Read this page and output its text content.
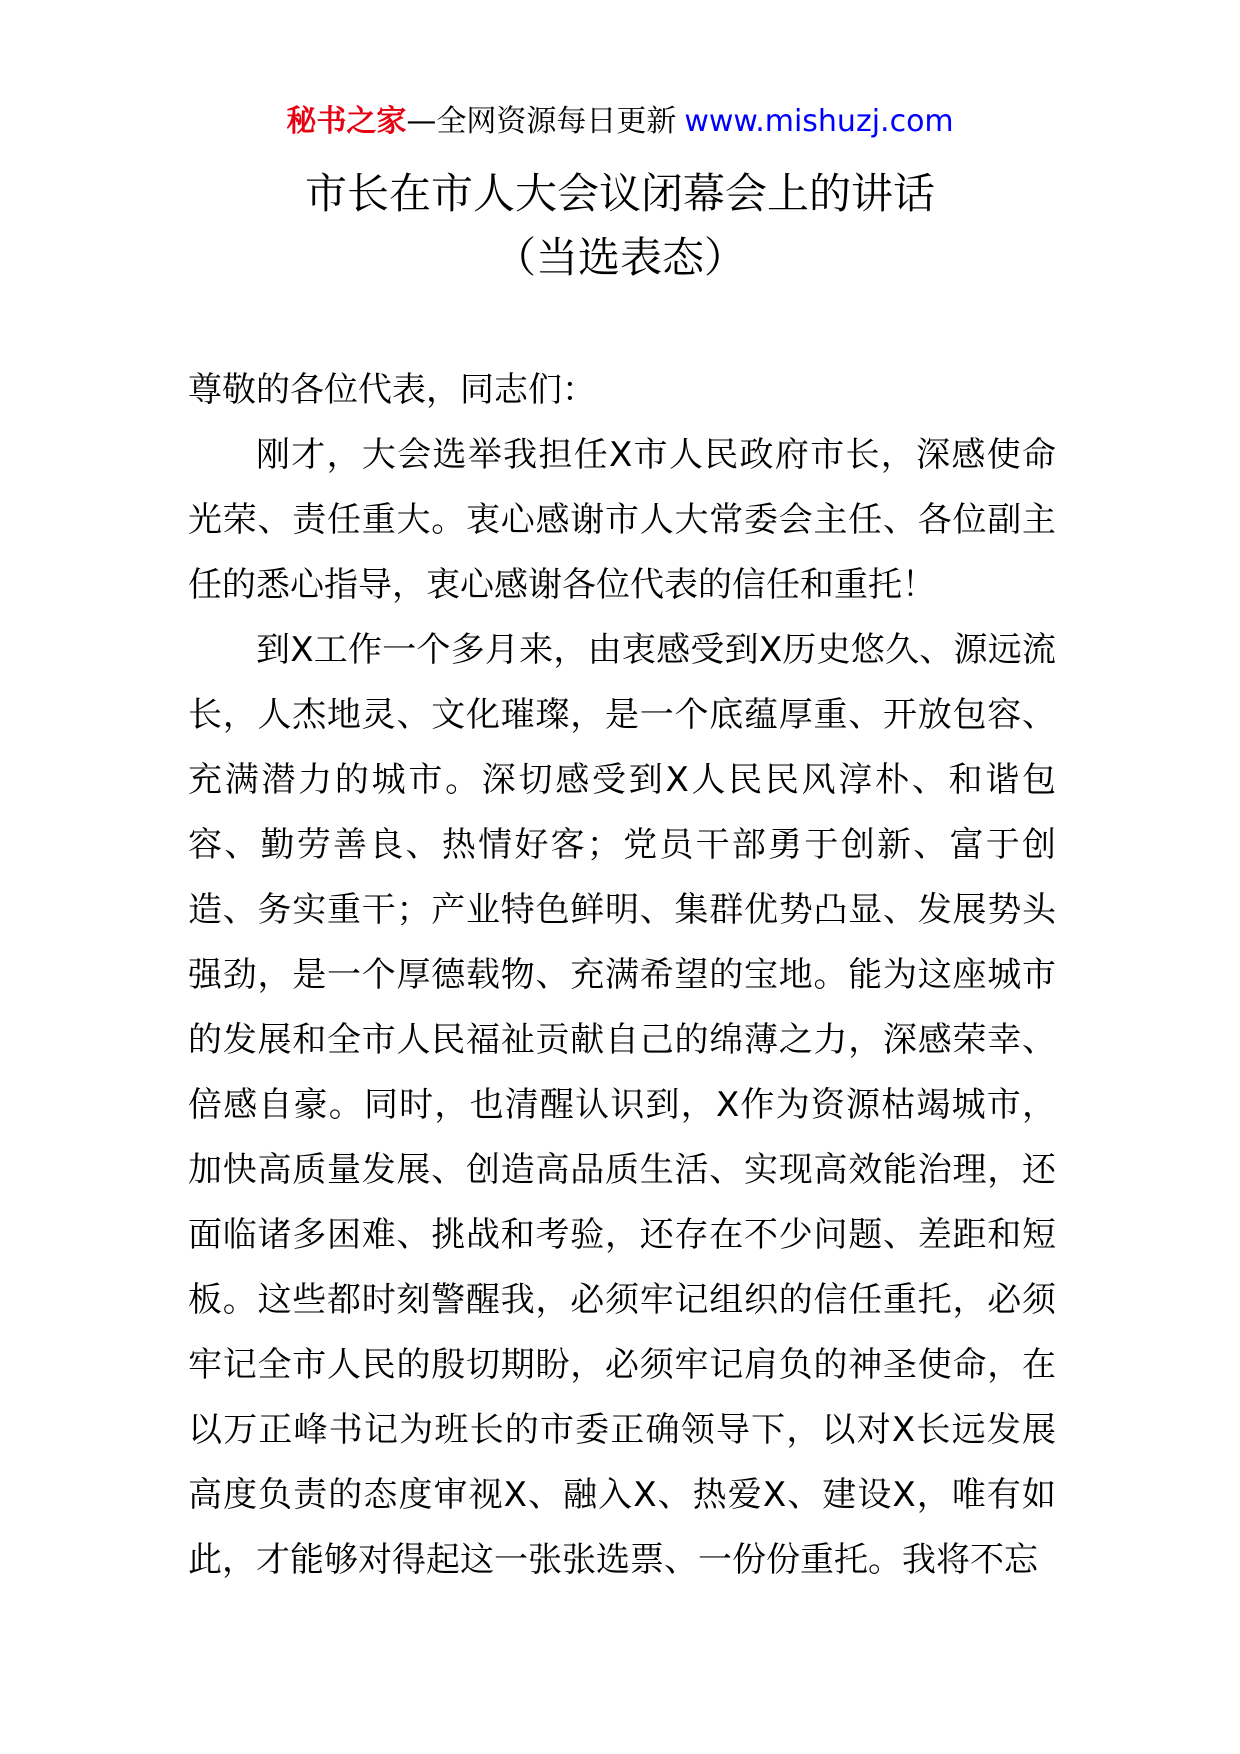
秘书之家—全网资源每日更新 www.mishuzj.com
市长在市人大会议闭幕会上的讲话
（当选表态）

尊敬的各位代表，同志们：

刚才，大会选举我担任X市人民政府市长，深感使命光荣、责任重大。衷心感谢市人大常委会主任、各位副主任的悉心指导，衷心感谢各位代表的信任和重托！

到X工作一个多月来，由衷感受到X历史悠久、源远流长，人杰地灵、文化璀璨，是一个底蕴厚重、开放包容、充满潜力的城市。深切感受到X人民民风淳朴、和谐包容、勤劳善良、热情好客；党员干部勇于创新、富于创造、务实重干；产业特色鲜明、集群优势凸显、发展势头强劲，是一个厚德载物、充满希望的宝地。能为这座城市的发展和全市人民福祉贡献自己的绵薄之力，深感荣幸、倍感自豪。同时，也清醒认识到，X作为资源枯竭城市，加快高质量发展、创造高品质生活、实现高效能治理，还面临诸多困难、挑战和考验，还存在不少问题、差距和短板。这些都时刻警醒我，必须牢记组织的信任重托，必须牢记全市人民的殷切期盼，必须牢记肩负的神圣使命，在以万正峰书记为班长的市委正确领导下，以对X长远发展高度负责的态度审视X、融入X、热爱X、建设X，唯有如此，才能够对得起这一张张选票、一份份重托。我将不忘
